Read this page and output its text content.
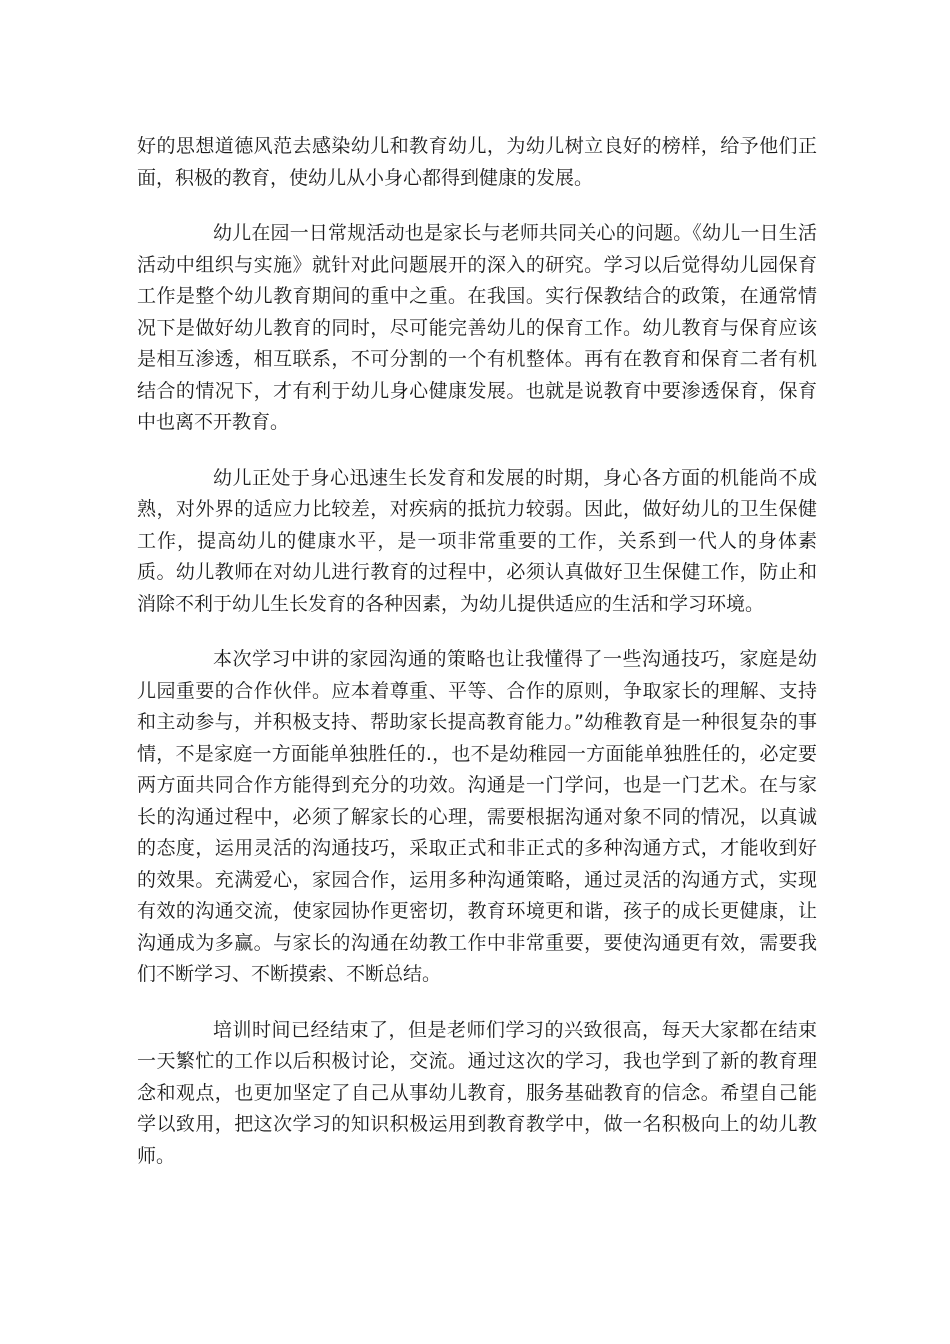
好的思想道德风范去感染幼儿和教育幼儿，为幼儿树立良好的榜样，给予他们正面，积极的教育，使幼儿从小身心都得到健康的发展。

幼儿在园一日常规活动也是家长与老师共同关心的问题。《幼儿一日生活活动中组织与实施》就针对此问题展开的深入的研究。学习以后觉得幼儿园保育工作是整个幼儿教育期间的重中之重。在我国。实行保教结合的政策，在通常情况下是做好幼儿教育的同时，尽可能完善幼儿的保育工作。幼儿教育与保育应该是相互渗透，相互联系，不可分割的一个有机整体。再有在教育和保育二者有机结合的情况下，才有利于幼儿身心健康发展。也就是说教育中要渗透保育，保育中也离不开教育。

幼儿正处于身心迅速生长发育和发展的时期，身心各方面的机能尚不成熟，对外界的适应力比较差，对疾病的抵抗力较弱。因此，做好幼儿的卫生保健工作，提高幼儿的健康水平，是一项非常重要的工作，关系到一代人的身体素质。幼儿教师在对幼儿进行教育的过程中，必须认真做好卫生保健工作，防止和消除不利于幼儿生长发育的各种因素，为幼儿提供适应的生活和学习环境。

本次学习中讲的家园沟通的策略也让我懂得了一些沟通技巧，家庭是幼儿园重要的合作伙伴。应本着尊重、平等、合作的原则，争取家长的理解、支持和主动参与，并积极支持、帮助家长提高教育能力。”幼稚教育是一种很复杂的事情，不是家庭一方面能单独胜任的.，也不是幼稚园一方面能单独胜任的，必定要两方面共同合作方能得到充分的功效。沟通是一门学问，也是一门艺术。在与家长的沟通过程中，必须了解家长的心理，需要根据沟通对象不同的情况，以真诚的态度，运用灵活的沟通技巧，采取正式和非正式的多种沟通方式，才能收到好的效果。充满爱心，家园合作，运用多种沟通策略，通过灵活的沟通方式，实现有效的沟通交流，使家园协作更密切，教育环境更和谐，孩子的成长更健康，让沟通成为多赢。与家长的沟通在幼教工作中非常重要，要使沟通更有效，需要我们不断学习、不断摸索、不断总结。

培训时间已经结束了，但是老师们学习的兴致很高，每天大家都在结束一天繁忙的工作以后积极讨论，交流。通过这次的学习，我也学到了新的教育理念和观点，也更加坚定了自己从事幼儿教育，服务基础教育的信念。希望自己能学以致用，把这次学习的知识积极运用到教育教学中，做一名积极向上的幼儿教师。
